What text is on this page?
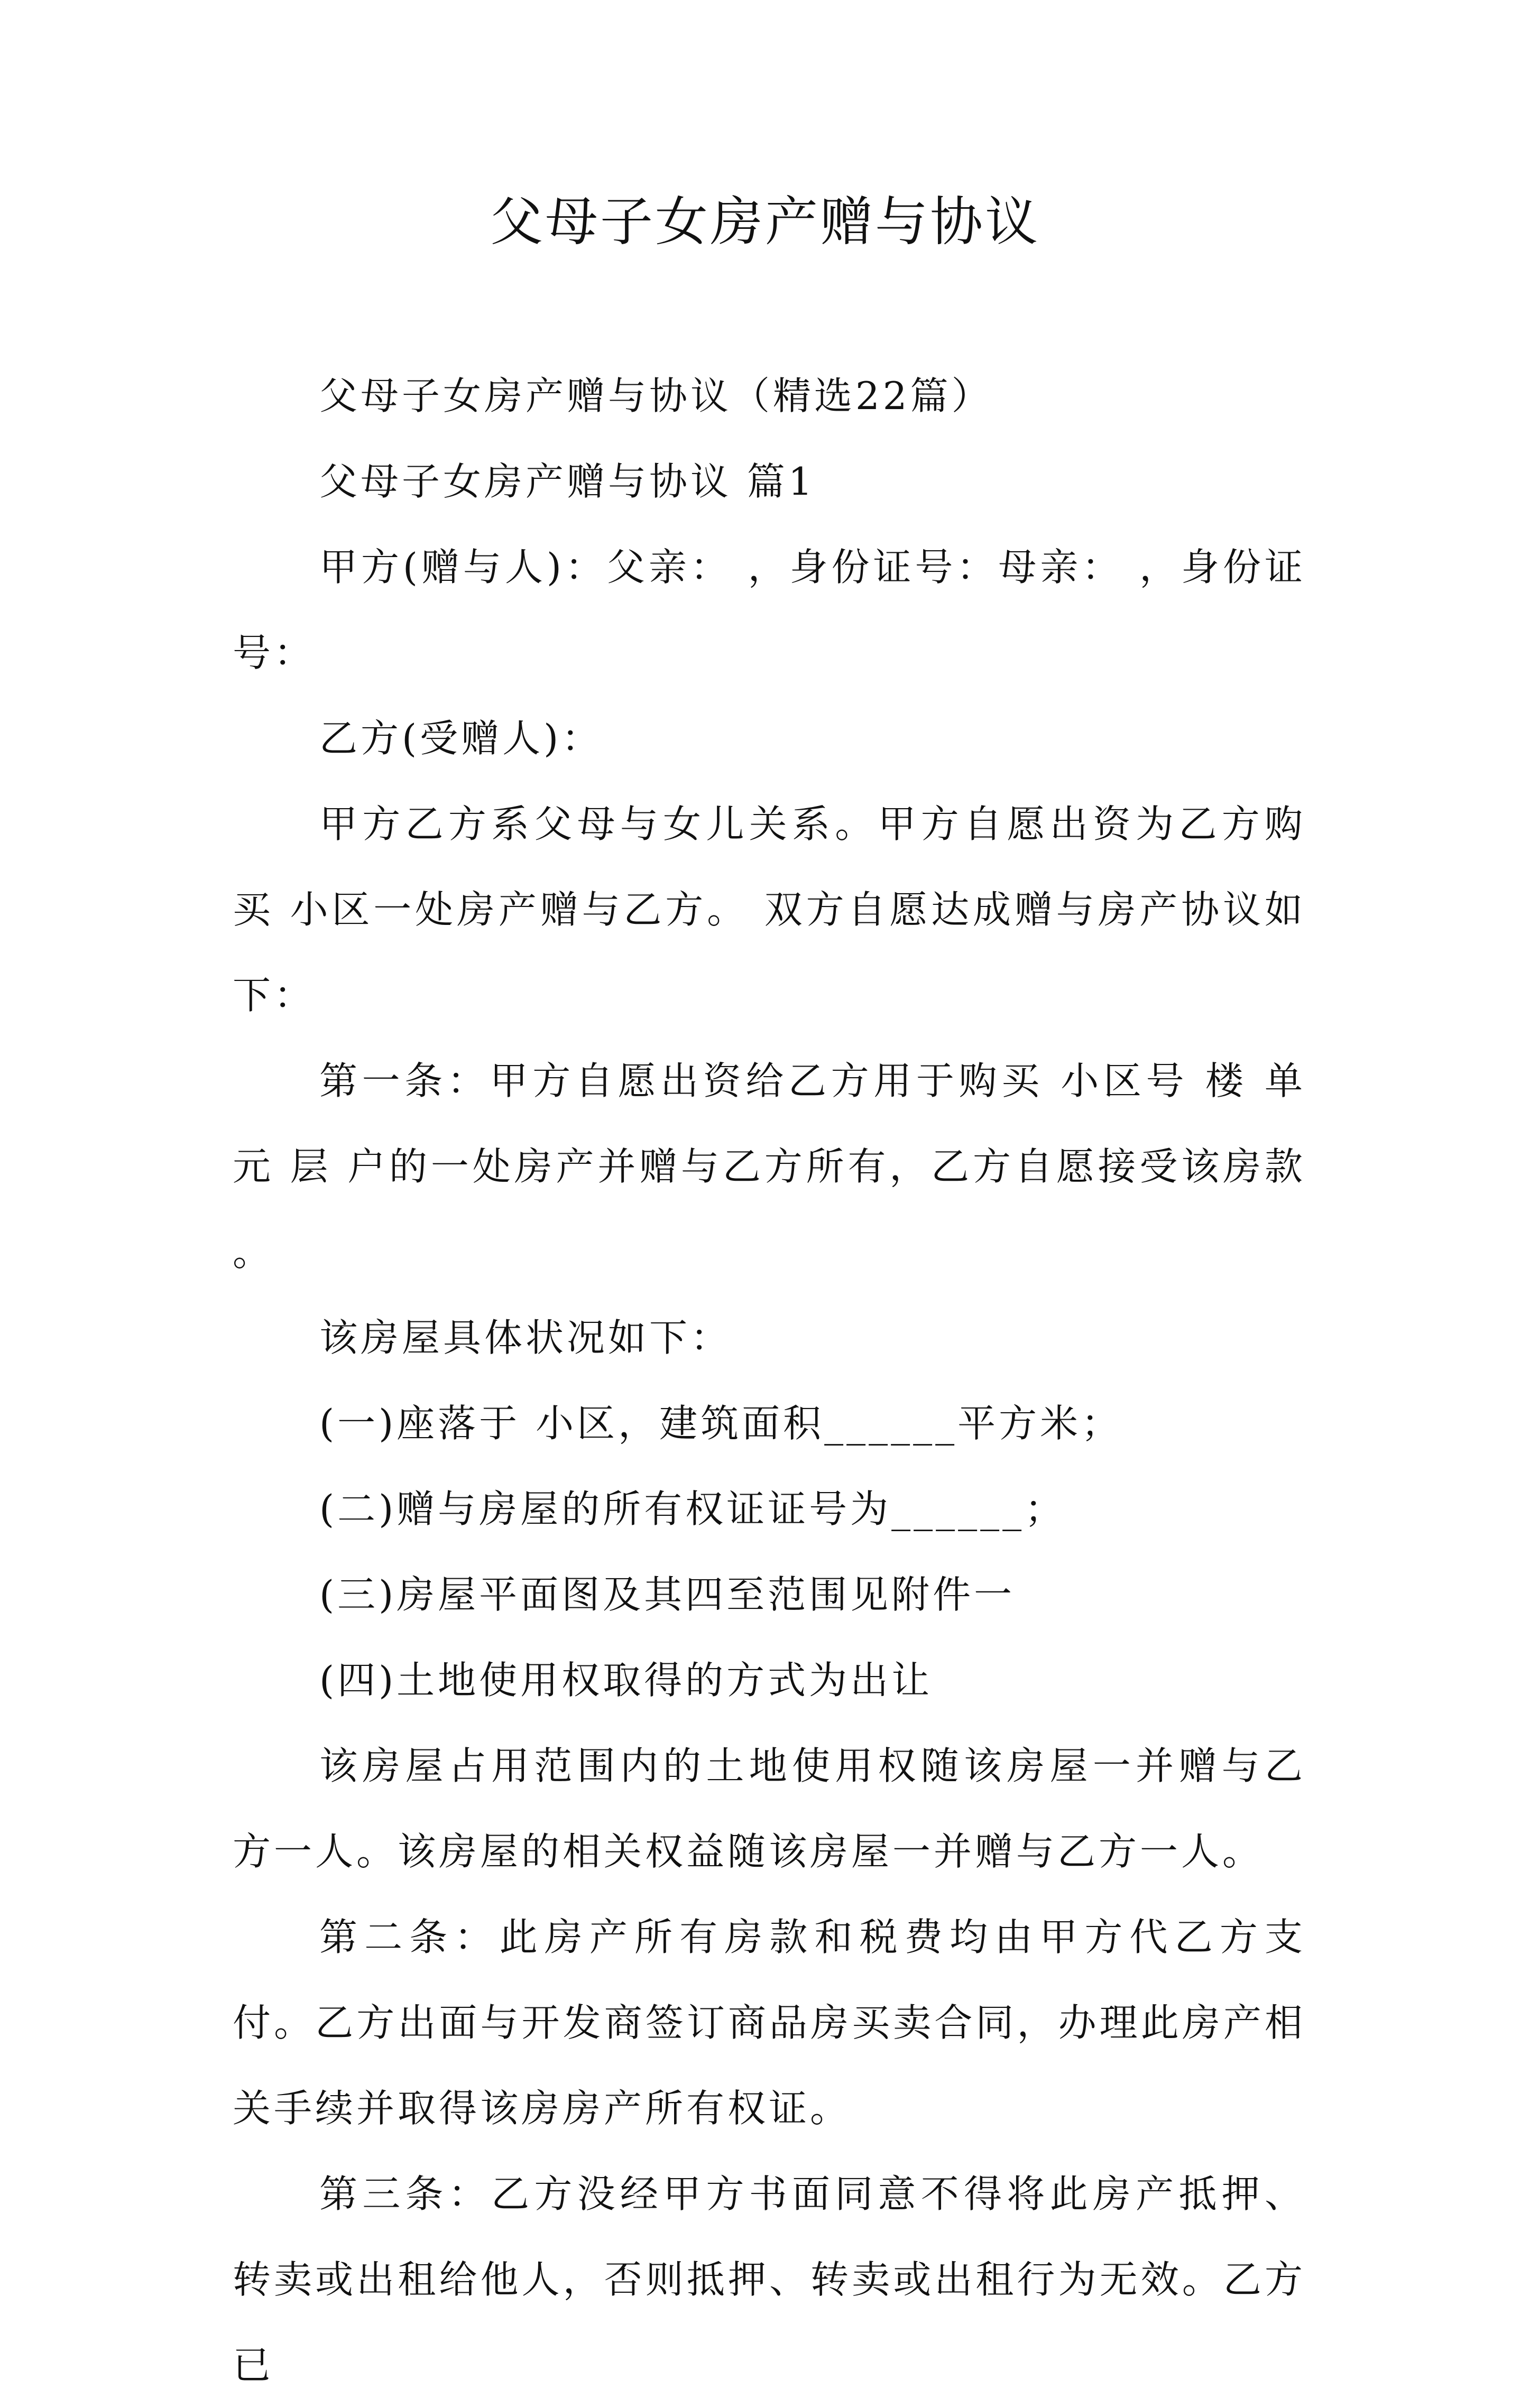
父母子女房产赠与协议

父母子女房产赠与协议（精选22篇）

父母子女房产赠与协议 篇1

甲方(赠与人)：父亲： ，身份证号：母亲： ，身份证号：

乙方(受赠人)：

甲方乙方系父母与女儿关系。甲方自愿出资为乙方购买 小区一处房产赠与乙方。 双方自愿达成赠与房产协议如下：

第一条：甲方自愿出资给乙方用于购买 小区号 楼 单元 层 户的一处房产并赠与乙方所有，乙方自愿接受该房款 。

该房屋具体状况如下：

(一)座落于 小区，建筑面积______平方米；

(二)赠与房屋的所有权证证号为______；

(三)房屋平面图及其四至范围见附件一

(四)土地使用权取得的方式为出让

该房屋占用范围内的土地使用权随该房屋一并赠与乙方一人。该房屋的相关权益随该房屋一并赠与乙方一人。

第二条：此房产所有房款和税费均由甲方代乙方支付。乙方出面与开发商签订商品房买卖合同，办理此房产相关手续并取得该房房产所有权证。

第三条：乙方没经甲方书面同意不得将此房产抵押、转卖或出租给他人，否则抵押、转卖或出租行为无效。乙方已
